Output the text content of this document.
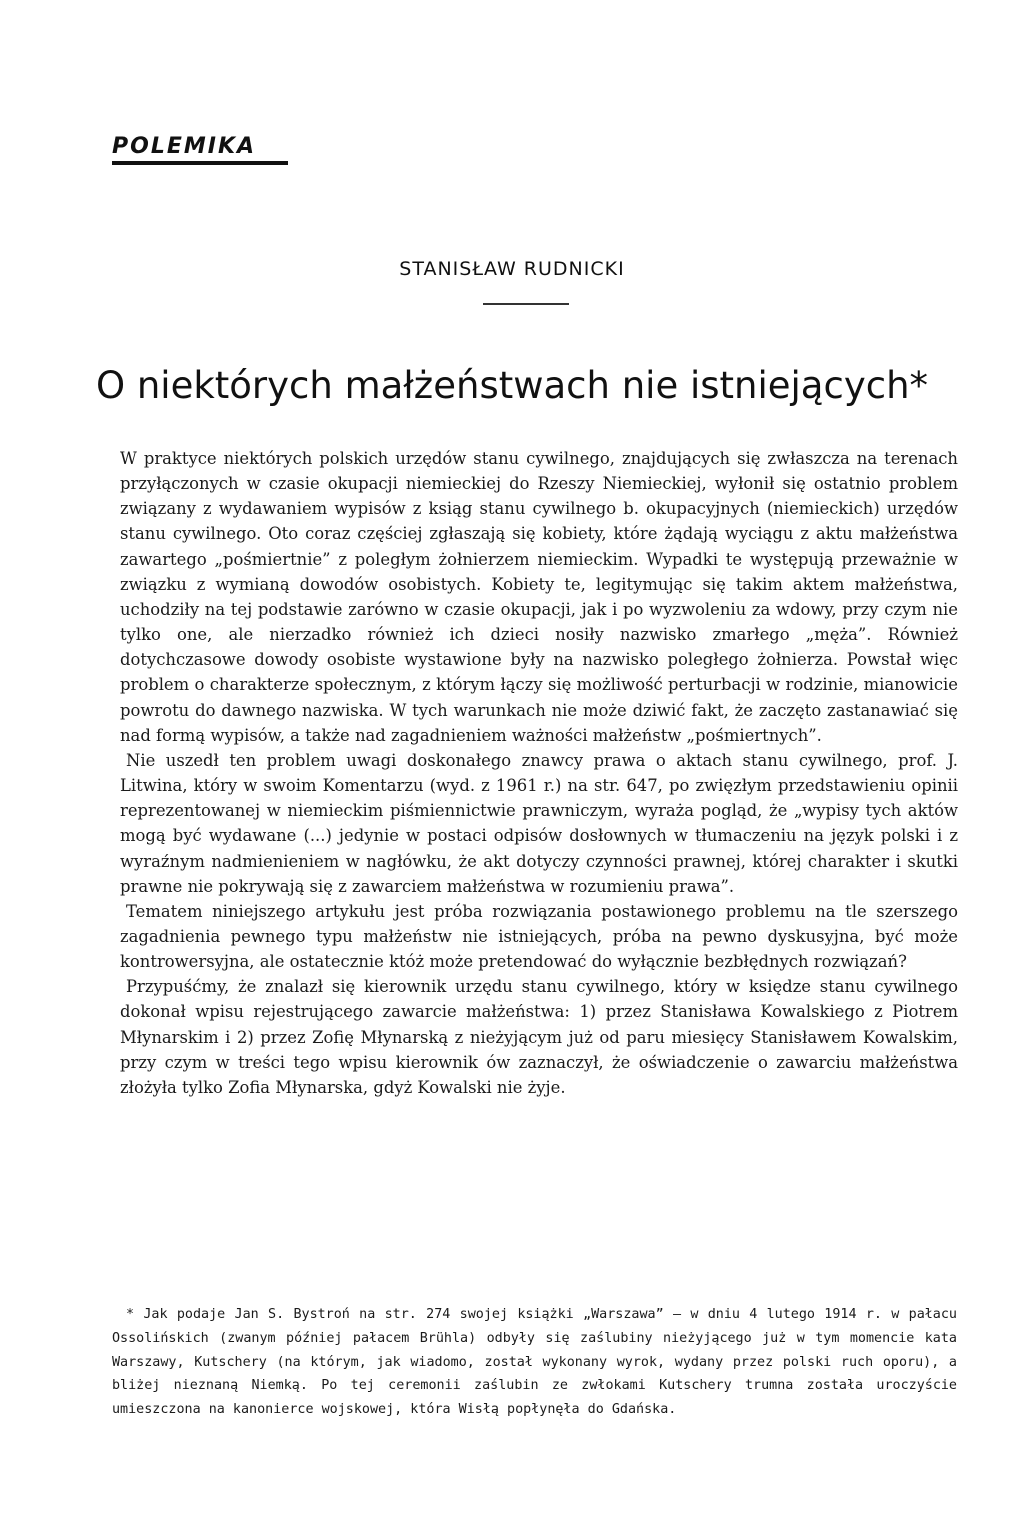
POLEMIKA
STANISŁAW RUDNICKI
O niektórych małżeństwach nie istniejących*

W praktyce niektórych polskich urzędów stanu cywilnego, znajdujących się zwłaszcza na terenach przyłączonych w czasie okupacji niemieckiej do Rzeszy Niemieckiej, wyłonił się ostatnio problem związany z wydawaniem wypisów z ksiąg stanu cywilnego b. okupacyjnych (niemieckich) urzędów stanu cywilnego. Oto coraz częściej zgłaszają się kobiety, które żądają wyciągu z aktu małżeństwa zawartego „pośmiertnie” z poległym żołnierzem niemieckim. Wypadki te występują przeważnie w związku z wymianą dowodów osobistych. Kobiety te, legitymując się takim aktem małżeństwa, uchodziły na tej podstawie zarówno w czasie okupacji, jak i po wyzwoleniu za wdowy, przy czym nie tylko one, ale nierzadko również ich dzieci nosiły nazwisko zmarłego „męża”. Również dotychczasowe dowody osobiste wystawione były na nazwisko poległego żołnierza. Powstał więc problem o charakterze społecznym, z którym łączy się możliwość perturbacji w rodzinie, mianowicie powrotu do dawnego nazwiska. W tych warunkach nie może dziwić fakt, że zaczęto zastanawiać się nad formą wypisów, a także nad zagadnieniem ważności małżeństw „pośmiertnych”.

Nie uszedł ten problem uwagi doskonałego znawcy prawa o aktach stanu cywilnego, prof. J. Litwina, który w swoim Komentarzu (wyd. z 1961 r.) na str. 647, po zwięzłym przedstawieniu opinii reprezentowanej w niemieckim piśmiennictwie prawniczym, wyraża pogląd, że „wypisy tych aktów mogą być wydawane (...) jedynie w postaci odpisów dosłownych w tłumaczeniu na język polski i z wyraźnym nadmienieniem w nagłówku, że akt dotyczy czynności prawnej, której charakter i skutki prawne nie pokrywają się z zawarciem małżeństwa w rozumieniu prawa”.

Tematem niniejszego artykułu jest próba rozwiązania postawionego problemu na tle szerszego zagadnienia pewnego typu małżeństw nie istniejących, próba na pewno dyskusyjna, być może kontrowersyjna, ale ostatecznie któż może pretendować do wyłącznie bezbłędnych rozwiązań?

Przypuśćmy, że znalazł się kierownik urzędu stanu cywilnego, który w księdze stanu cywilnego dokonał wpisu rejestrującego zawarcie małżeństwa: 1) przez Stanisława Kowalskiego z Piotrem Młynarskim i 2) przez Zofię Młynarską z nieżyjącym już od paru miesięcy Stanisławem Kowalskim, przy czym w treści tego wpisu kierownik ów zaznaczył, że oświadczenie o zawarciu małżeństwa złożyła tylko Zofia Młynarska, gdyż Kowalski nie żyje.

* Jak podaje Jan S. Bystroń na str. 274 swojej książki „Warszawa” — w dniu 4 lutego 1914 r. w pałacu Ossolińskich (zwanym później pałacem Brühla) odbyły się zaślubiny nieżyjącego już w tym momencie kata Warszawy, Kutschery (na którym, jak wiadomo, został wykonany wyrok, wydany przez polski ruch oporu), a bliżej nieznaną Niemką. Po tej ceremonii zaślubin ze zwłokami Kutschery trumna została uroczyście umieszczona na kanonierce wojskowej, która Wisłą popłynęła do Gdańska.
